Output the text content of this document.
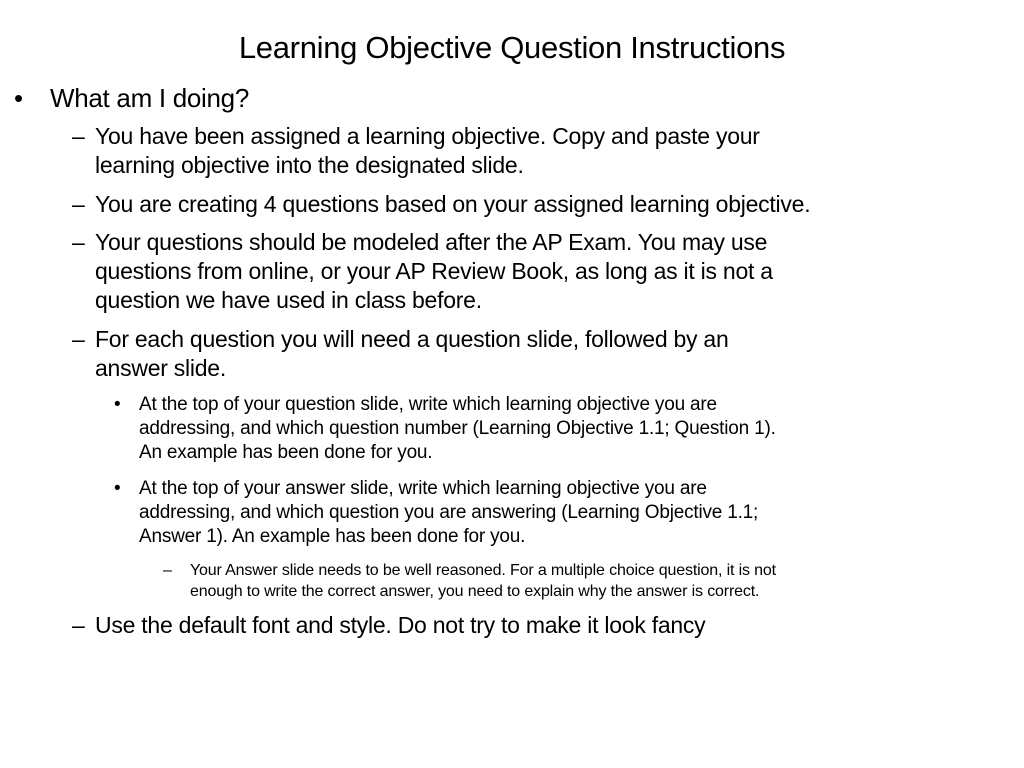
Learning Objective Question Instructions
• What am I doing?
– You have been assigned a learning objective. Copy and paste your
learning objective into the designated slide.
– You are creating 4 questions based on your assigned learning objective.
– Your questions should be modeled after the AP Exam. You may use
questions from online, or your AP Review Book, as long as it is not a
question we have used in class before.
– For each question you will need a question slide, followed by an
answer slide.
• At the top of your question slide, write which learning objective you are
addressing, and which question number (Learning Objective 1.1; Question 1).
An example has been done for you.
• At the top of your answer slide, write which learning objective you are
addressing, and which question you are answering (Learning Objective 1.1;
Answer 1). An example has been done for you.
– Your Answer slide needs to be well reasoned. For a multiple choice question, it is not
enough to write the correct answer, you need to explain why the answer is correct.
– Use the default font and style. Do not try to make it look fancy
